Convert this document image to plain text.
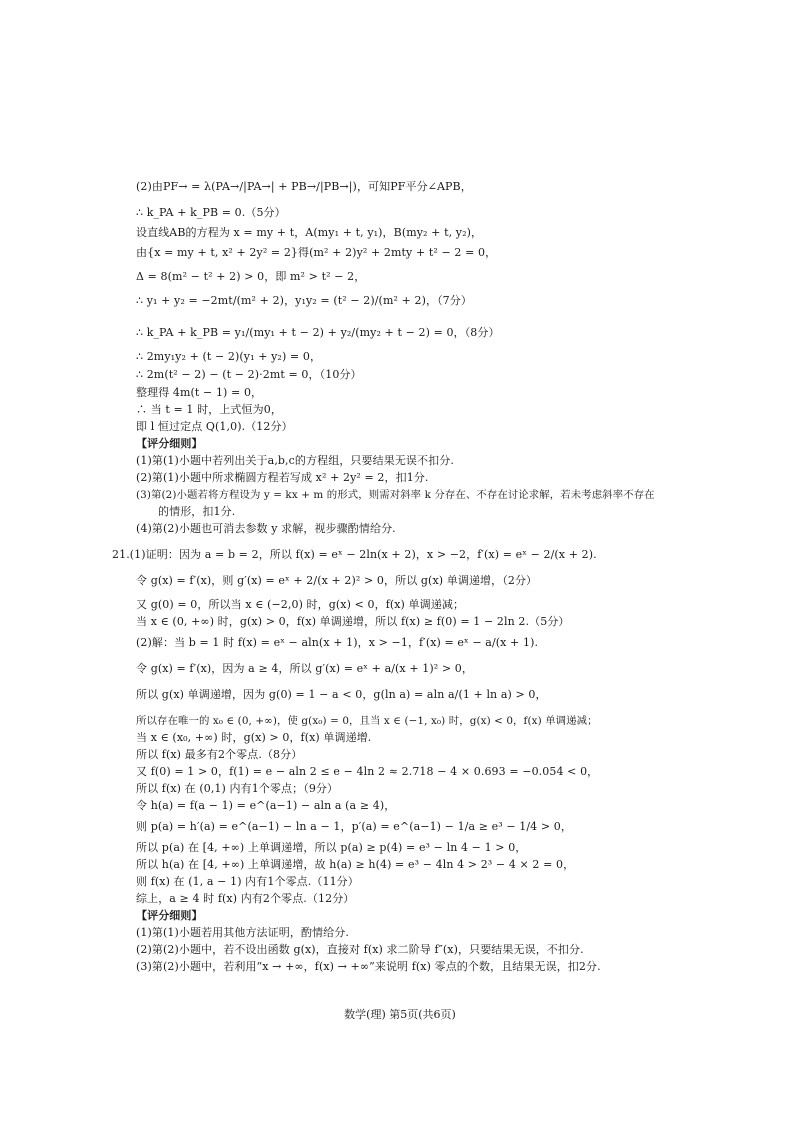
(2)由PF→ = λ(PA→/|PA→| + PB→/|PB→|)，可知PF平分∠APB，
∴ k_PA + k_PB = 0.（5分）
设直线AB的方程为 x = my + t，A(my₁ + t, y₁)，B(my₂ + t, y₂)，
由{x = my + t, x² + 2y² = 2}得(m² + 2)y² + 2mty + t² − 2 = 0，
Δ = 8(m² − t² + 2) > 0，即 m² > t² − 2，
∴ y₁ + y₂ = −2mt/(m² + 2)，y₁y₂ = (t² − 2)/(m² + 2)，（7分）
∴ k_PA + k_PB = y₁/(my₁ + t − 2) + y₂/(my₂ + t − 2) = 0，（8分）
∴ 2my₁y₂ + (t − 2)(y₁ + y₂) = 0，
∴ 2m(t² − 2) − (t − 2)·2mt = 0，（10分）
整理得 4m(t − 1) = 0，
∴ 当 t = 1 时，上式恒为0，
即 l 恒过定点 Q(1,0).（12分）
【评分细则】
(1)第(1)小题中若列出关于a,b,c的方程组，只要结果无误不扣分.
(2)第(1)小题中所求椭圆方程若写成 x² + 2y² = 2，扣1分.
(3)第(2)小题若将方程设为 y = kx + m 的形式，则需对斜率 k 分存在、不存在讨论求解，若未考虑斜率不存在
的情形，扣1分.
(4)第(2)小题也可消去参数 y 求解，视步骤酌情给分.
21.(1)证明：因为 a = b = 2，所以 f(x) = eˣ − 2ln(x + 2)，x > −2，f′(x) = eˣ − 2/(x + 2).
令 g(x) = f′(x)，则 g′(x) = eˣ + 2/(x + 2)² > 0，所以 g(x) 单调递增，（2分）
又 g(0) = 0，所以当 x ∈ (−2,0) 时，g(x) < 0，f(x) 单调递减；
当 x ∈ (0, +∞) 时，g(x) > 0，f(x) 单调递增，所以 f(x) ≥ f(0) = 1 − 2ln 2.（5分）
(2)解：当 b = 1 时 f(x) = eˣ − aln(x + 1)，x > −1，f′(x) = eˣ − a/(x + 1).
令 g(x) = f′(x)，因为 a ≥ 4，所以 g′(x) = eˣ + a/(x + 1)² > 0，
所以 g(x) 单调递增，因为 g(0) = 1 − a < 0，g(ln a) = aln a/(1 + ln a) > 0，
所以存在唯一的 x₀ ∈ (0, +∞)，使 g(x₀) = 0，且当 x ∈ (−1, x₀) 时，g(x) < 0，f(x) 单调递减；
当 x ∈ (x₀, +∞) 时，g(x) > 0，f(x) 单调递增.
所以 f(x) 最多有2个零点.（8分）
又 f(0) = 1 > 0，f(1) = e − aln 2 ≤ e − 4ln 2 ≈ 2.718 − 4 × 0.693 = −0.054 < 0，
所以 f(x) 在 (0,1) 内有1个零点；（9分）
令 h(a) = f(a − 1) = e^(a−1) − aln a (a ≥ 4)，
则 p(a) = h′(a) = e^(a−1) − ln a − 1，p′(a) = e^(a−1) − 1/a ≥ e³ − 1/4 > 0，
所以 p(a) 在 [4, +∞) 上单调递增，所以 p(a) ≥ p(4) = e³ − ln 4 − 1 > 0，
所以 h(a) 在 [4, +∞) 上单调递增，故 h(a) ≥ h(4) = e³ − 4ln 4 > 2³ − 4 × 2 = 0，
则 f(x) 在 (1, a − 1) 内有1个零点.（11分）
综上，a ≥ 4 时 f(x) 内有2个零点.（12分）
【评分细则】
(1)第(1)小题若用其他方法证明，酌情给分.
(2)第(2)小题中，若不设出函数 g(x)，直接对 f(x) 求二阶导 f″(x)，只要结果无误，不扣分.
(3)第(2)小题中，若利用“x → +∞，f(x) → +∞”来说明 f(x) 零点的个数，且结果无误，扣2分.
数学(理) 第5页(共6页)
